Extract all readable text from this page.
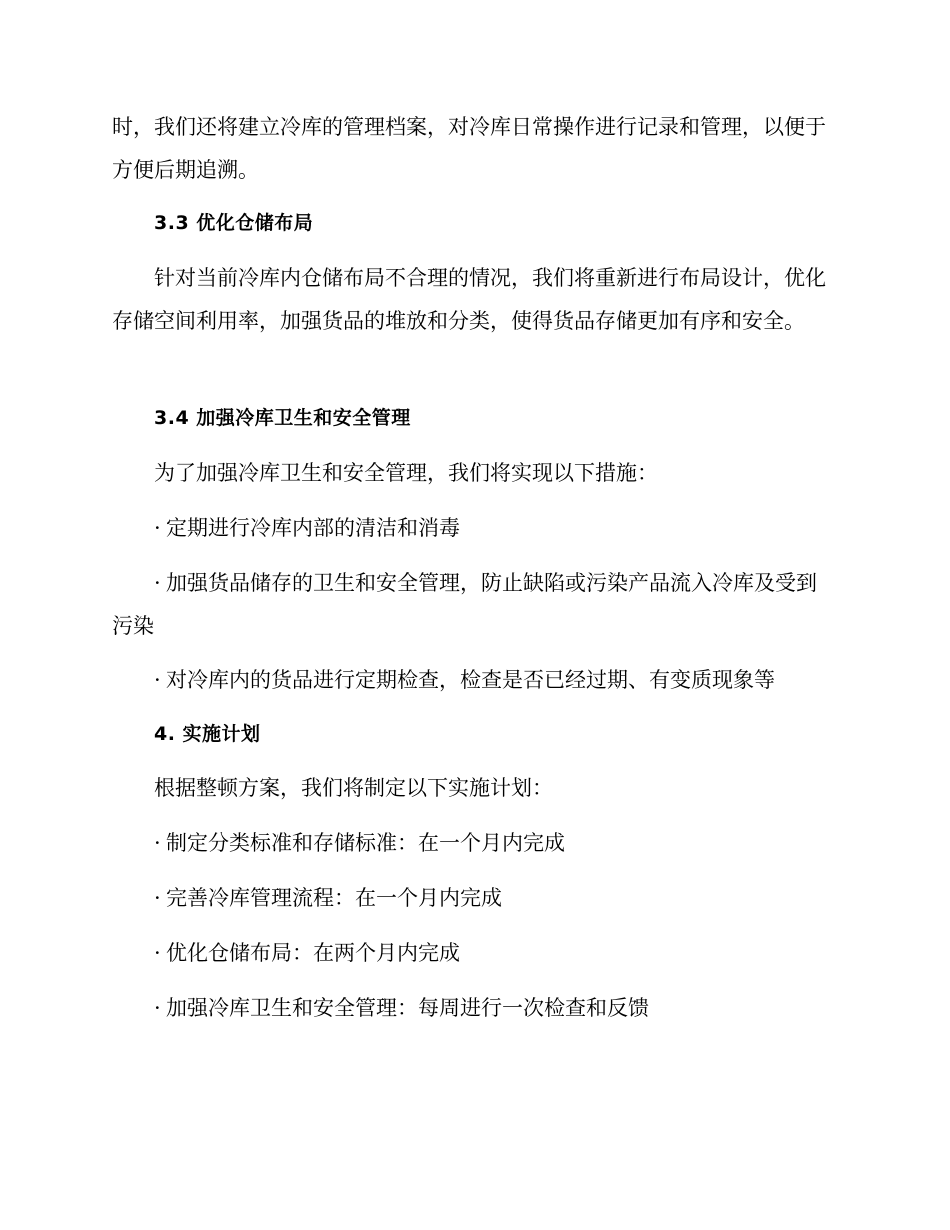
时，我们还将建立冷库的管理档案，对冷库日常操作进行记录和管理，以便于方便后期追溯。

3.3 优化仓储布局

针对当前冷库内仓储布局不合理的情况，我们将重新进行布局设计，优化存储空间利用率，加强货品的堆放和分类，使得货品存储更加有序和安全。

3.4 加强冷库卫生和安全管理

为了加强冷库卫生和安全管理，我们将实现以下措施：

· 定期进行冷库内部的清洁和消毒

· 加强货品储存的卫生和安全管理，防止缺陷或污染产品流入冷库及受到污染

· 对冷库内的货品进行定期检查，检查是否已经过期、有变质现象等

4. 实施计划

根据整顿方案，我们将制定以下实施计划：

· 制定分类标准和存储标准：在一个月内完成

· 完善冷库管理流程：在一个月内完成

· 优化仓储布局：在两个月内完成

· 加强冷库卫生和安全管理：每周进行一次检查和反馈
